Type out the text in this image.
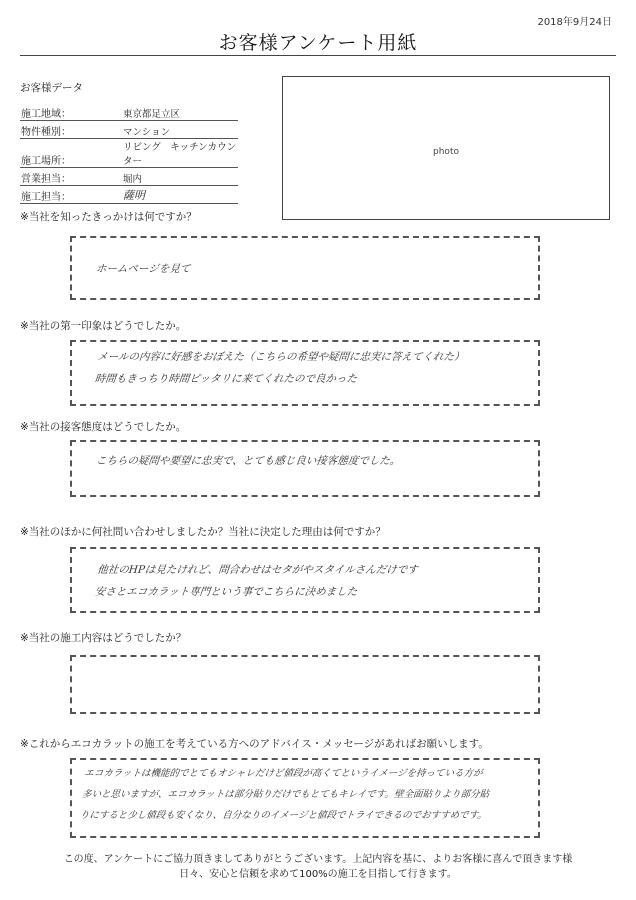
2018年9月24日
お客様アンケート用紙
お客様データ
施工地域：	東京都足立区
物件種別：	マンション
施工場所：	リビング　キッチンカウンター
営業担当：	堀内
施工担当：	薩明
photo
※当社を知ったきっかけは何ですか？
ホームページを見て
※当社の第一印象はどうでしたか。
メールの内容に好感をおぼえた（こちらの希望や疑問に忠実に答えてくれた）
時間もきっちり時間ピッタリに来てくれたので良かった
※当社の接客態度はどうでしたか。
こちらの疑問や要望に忠実で、とても感じ良い接客態度でした。
※当社のほかに何社問い合わせしましたか？当社に決定した理由は何ですか？
他社のHPは見たけれど、問合わせはセタがやスタイルさんだけです
安さとエコカラット専門という事でこちらに決めました
※当社の施工内容はどうでしたか？
※これからエコカラットの施工を考えている方へのアドバイス・メッセージがあればお願いします。
エコカラットは機能的でとてもオシャレだけど値段が高くてというイメージを持っている方が
多いと思いますが、エコカラットは部分貼りだけでもとてもキレイです。壁全面貼りより部分貼
りにすると少し値段も安くなり、自分なりのイメージと値段でトライできるのでおすすめです。
この度、アンケートにご協力頂きましてありがとうございます。上記内容を基に、よりお客様に喜んで頂きます様
日々、安心と信頼を求めて100%の施工を目指して行きます。
